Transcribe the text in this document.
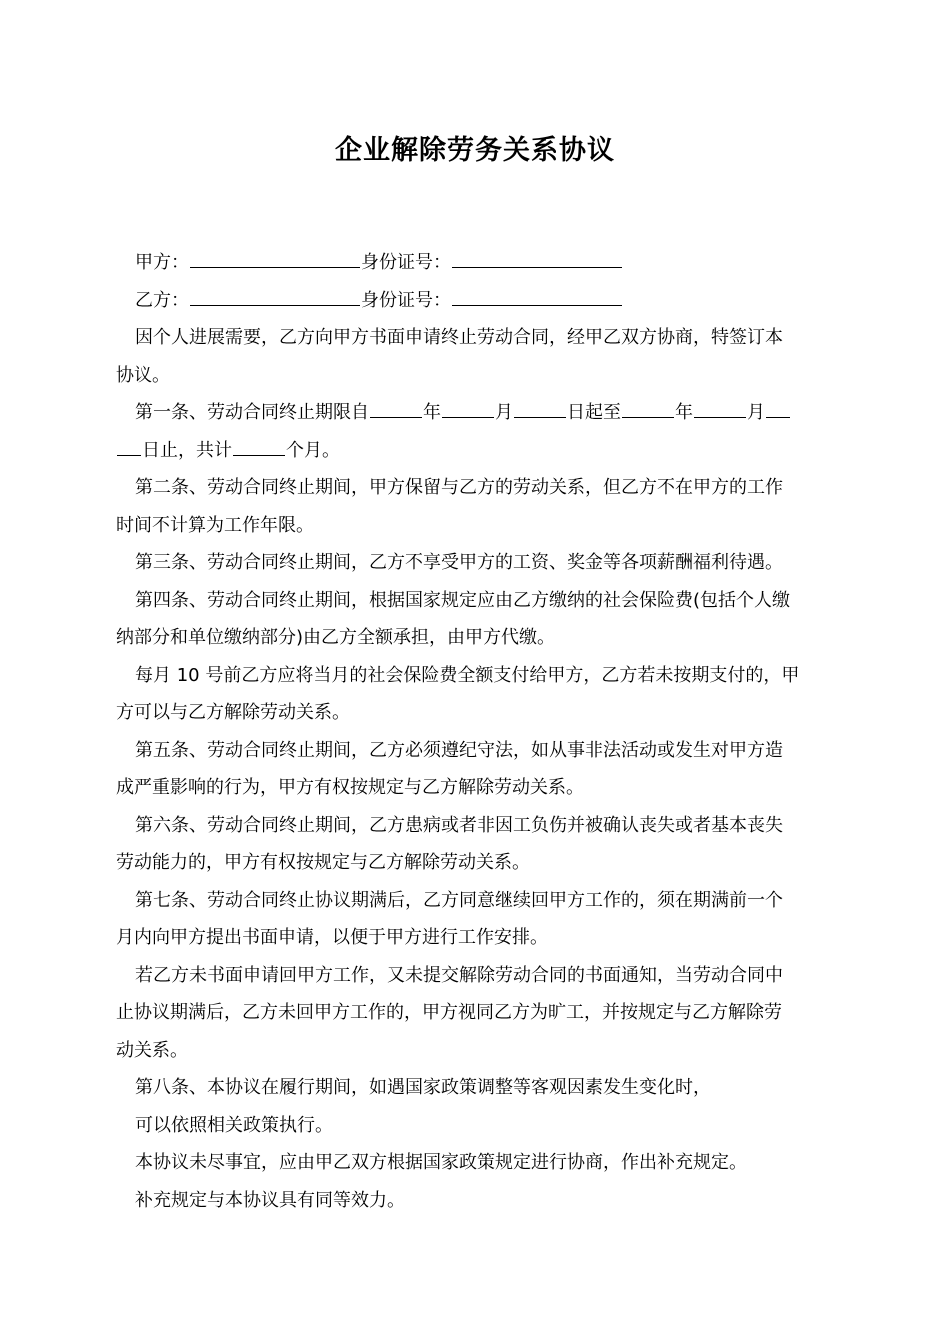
企业解除劳务关系协议
甲方：	身份证号：
乙方：	身份证号：
因个人进展需要，乙方向甲方书面申请终止劳动合同，经甲乙双方协商，特签订本
协议。
第一条、劳动合同终止期限自	年	月	日起至	年	月
日止，共计	个月。
第二条、劳动合同终止期间，甲方保留与乙方的劳动关系，但乙方不在甲方的工作
时间不计算为工作年限。
第三条、劳动合同终止期间，乙方不享受甲方的工资、奖金等各项薪酬福利待遇。
第四条、劳动合同终止期间，根据国家规定应由乙方缴纳的社会保险费(包括个人缴
纳部分和单位缴纳部分)由乙方全额承担，由甲方代缴。
每月 10 号前乙方应将当月的社会保险费全额支付给甲方，乙方若未按期支付的，甲
方可以与乙方解除劳动关系。
第五条、劳动合同终止期间，乙方必须遵纪守法，如从事非法活动或发生对甲方造
成严重影响的行为，甲方有权按规定与乙方解除劳动关系。
第六条、劳动合同终止期间，乙方患病或者非因工负伤并被确认丧失或者基本丧失
劳动能力的，甲方有权按规定与乙方解除劳动关系。
第七条、劳动合同终止协议期满后，乙方同意继续回甲方工作的，须在期满前一个
月内向甲方提出书面申请，以便于甲方进行工作安排。
若乙方未书面申请回甲方工作，又未提交解除劳动合同的书面通知，当劳动合同中
止协议期满后，乙方未回甲方工作的，甲方视同乙方为旷工，并按规定与乙方解除劳
动关系。
第八条、本协议在履行期间，如遇国家政策调整等客观因素发生变化时，
可以依照相关政策执行。
本协议未尽事宜，应由甲乙双方根据国家政策规定进行协商，作出补充规定。
补充规定与本协议具有同等效力。
